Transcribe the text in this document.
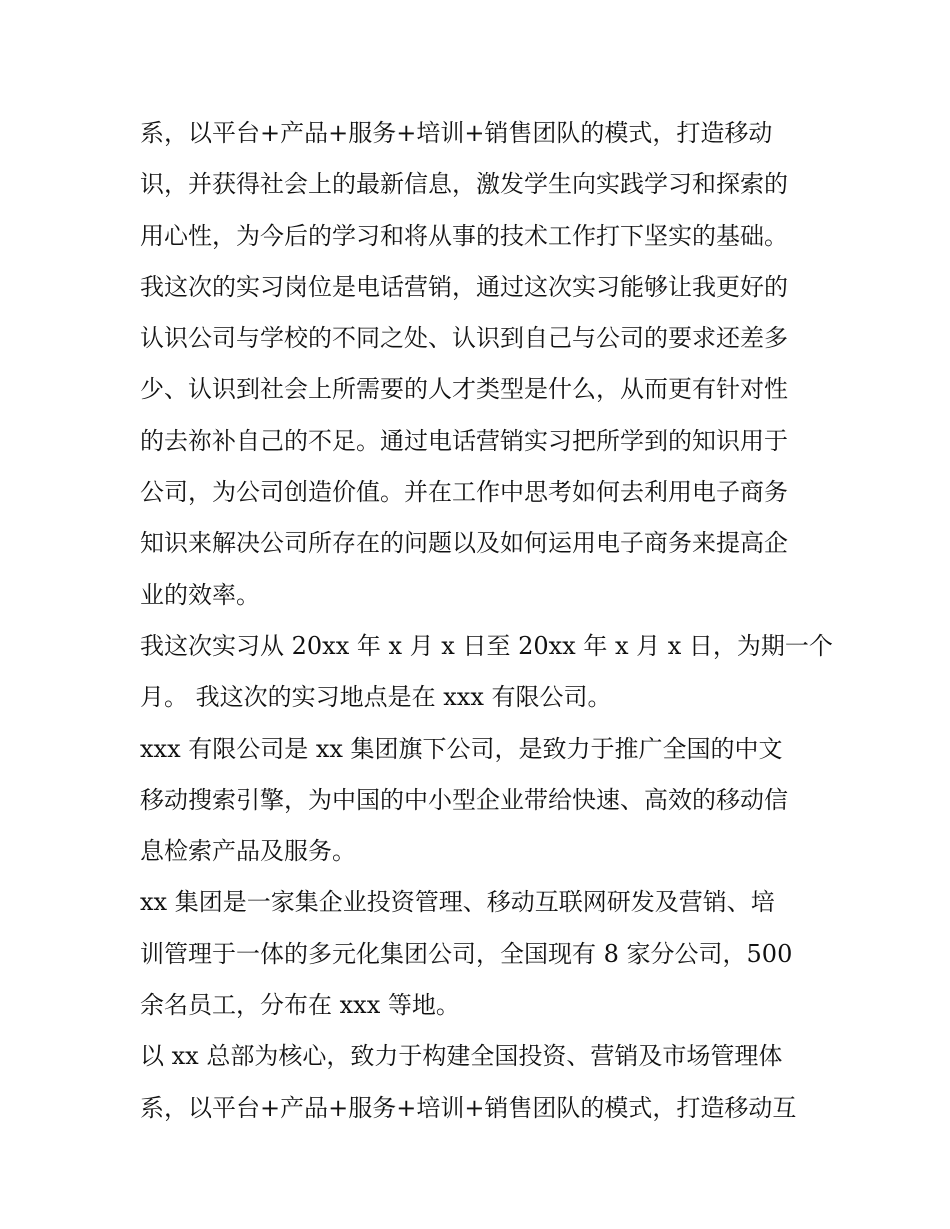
系，以平台+产品+服务+培训+销售团队的模式，打造移动
识，并获得社会上的最新信息，激发学生向实践学习和探索的
用心性，为今后的学习和将从事的技术工作打下坚实的基础。
我这次的实习岗位是电话营销，通过这次实习能够让我更好的
认识公司与学校的不同之处、认识到自己与公司的要求还差多
少、认识到社会上所需要的人才类型是什么，从而更有针对性
的去祢补自己的不足。通过电话营销实习把所学到的知识用于
公司，为公司创造价值。并在工作中思考如何去利用电子商务
知识来解决公司所存在的问题以及如何运用电子商务来提高企
业的效率。
我这次实习从 20xx 年 x 月 x 日至 20xx 年 x 月 x 日，为期一个
月。 我这次的实习地点是在 xxx 有限公司。
xxx 有限公司是 xx 集团旗下公司，是致力于推广全国的中文
移动搜索引擎，为中国的中小型企业带给快速、高效的移动信
息检索产品及服务。
xx 集团是一家集企业投资管理、移动互联网研发及营销、培
训管理于一体的多元化集团公司，全国现有 8 家分公司，500
余名员工，分布在 xxx 等地。
以 xx 总部为核心，致力于构建全国投资、营销及市场管理体
系，以平台+产品+服务+培训+销售团队的模式，打造移动互
